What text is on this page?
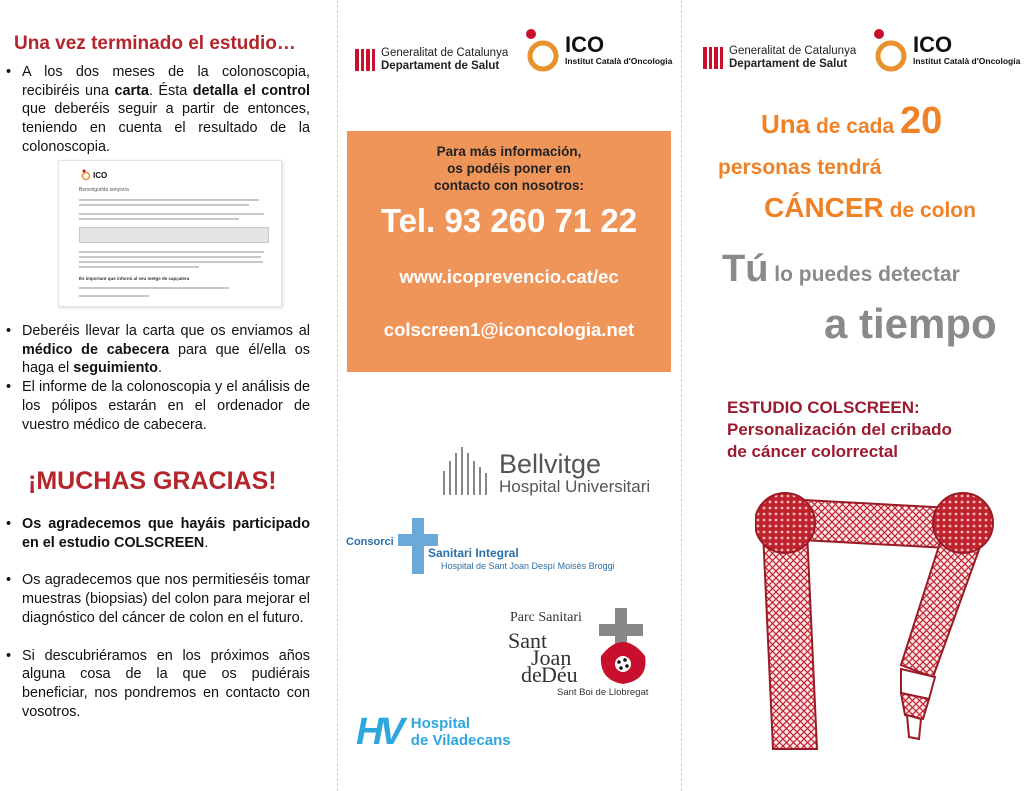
Una vez terminado el estudio…
• A los dos meses de la colonoscopia, recibiréis una carta. Ésta detalla el control que deberéis seguir a partir de entonces, teniendo en cuenta el resultado de la colonoscopia.
ICO
Benvolgut/da senyor/a
És important que informi al seu metge de capçalera
• Deberéis llevar la carta que os enviamos al médico de cabecera para que él/ella os haga el seguimiento.
• El informe de la colonoscopia y el análisis de los pólipos estarán en el ordenador de vuestro médico de cabecera.
¡MUCHAS GRACIAS!
• Os agradecemos que hayáis participado en el estudio COLSCREEN.
• Os agradecemos que nos permitieséis tomar muestras (biopsias) del colon para mejorar el diagnóstico del cáncer de colon en el futuro.
• Si descubriéramos en los próximos años alguna cosa de la que os pudiérais beneficiar, nos pondremos en contacto con vosotros.
Generalitat de Catalunya
Departament de Salut
ICO
Institut Català d'Oncologia
Para más información,
os podéis poner en
contacto con nosotros:
Tel. 93 260 71 22
www.icoprevencio.cat/ec
colscreen1@iconcologia.net
Bellvitge
Hospital Universitari
Consorci
Sanitari Integral
Hospital de Sant Joan Despí Moisès Broggi
Parc Sanitari
Sant
Joan
de Déu
Sant Boi de Llobregat
HV Hospital
de Viladecans
Generalitat de Catalunya
Departament de Salut
ICO
Institut Català d'Oncologia
Una de cada 20
personas tendrá
CÁNCER de colon
Tú lo puedes detectar
a tiempo
ESTUDIO COLSCREEN:
Personalización del cribado
de cáncer colorrectal
